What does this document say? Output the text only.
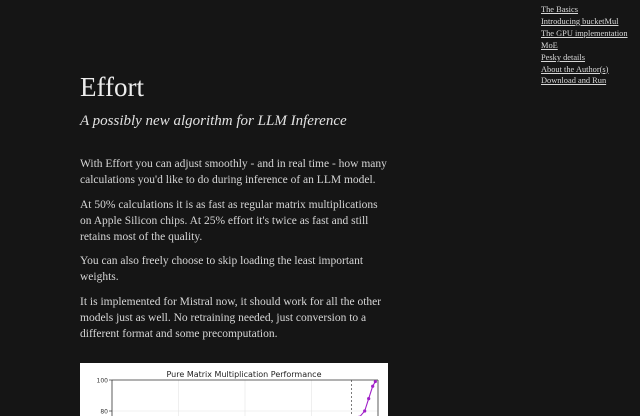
The Basics
Introducing bucketMul
The GPU implementation
MoE
Pesky details
About the Author(s)
Download and Run
Effort
A possibly new algorithm for LLM Inference

With Effort you can adjust smoothly - and in real time - how many calculations you'd like to do during inference of an LLM model.

At 50% calculations it is as fast as regular matrix multiplications on Apple Silicon chips. At 25% effort it's twice as fast and still retains most of the quality.

You can also freely choose to skip loading the least important weights.

It is implemented for Mistral now, it should work for all the other models just as well. No retraining needed, just conversion to a different format and some precomputation.

Pure Matrix Multiplication Performance
100
80
